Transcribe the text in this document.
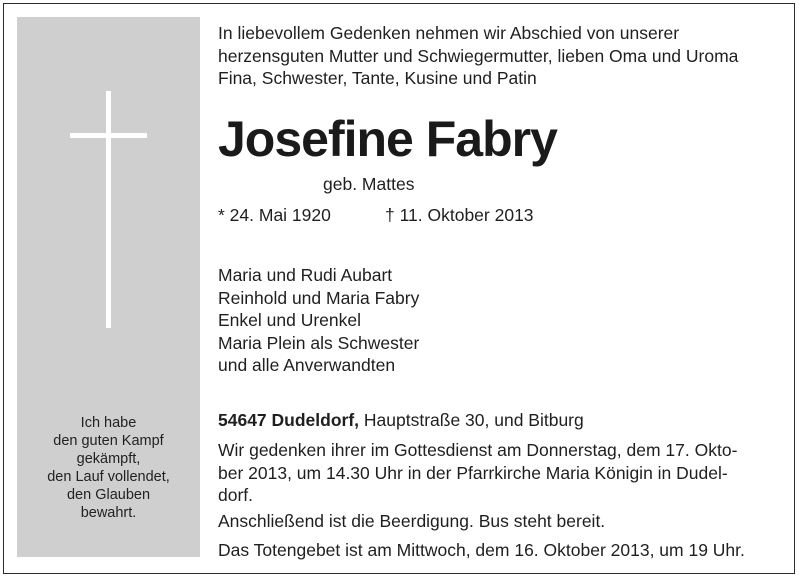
Ich habe
den guten Kampf
gekämpft,
den Lauf vollendet,
den Glauben
bewahrt.
In liebevollem Gedenken nehmen wir Abschied von unserer
herzensguten Mutter und Schwiegermutter, lieben Oma und Uroma
Fina, Schwester, Tante, Kusine und Patin
Josefine Fabry
geb. Mattes
* 24. Mai 1920	† 11. Oktober 2013
Maria und Rudi Aubart
Reinhold und Maria Fabry
Enkel und Urenkel
Maria Plein als Schwester
und alle Anverwandten
54647 Dudeldorf, Hauptstraße 30, und Bitburg
Wir gedenken ihrer im Gottesdienst am Donnerstag, dem 17. Okto-
ber 2013, um 14.30 Uhr in der Pfarrkirche Maria Königin in Dudel-
dorf.
Anschließend ist die Beerdigung. Bus steht bereit.
Das Totengebet ist am Mittwoch, dem 16. Oktober 2013, um 19 Uhr.
